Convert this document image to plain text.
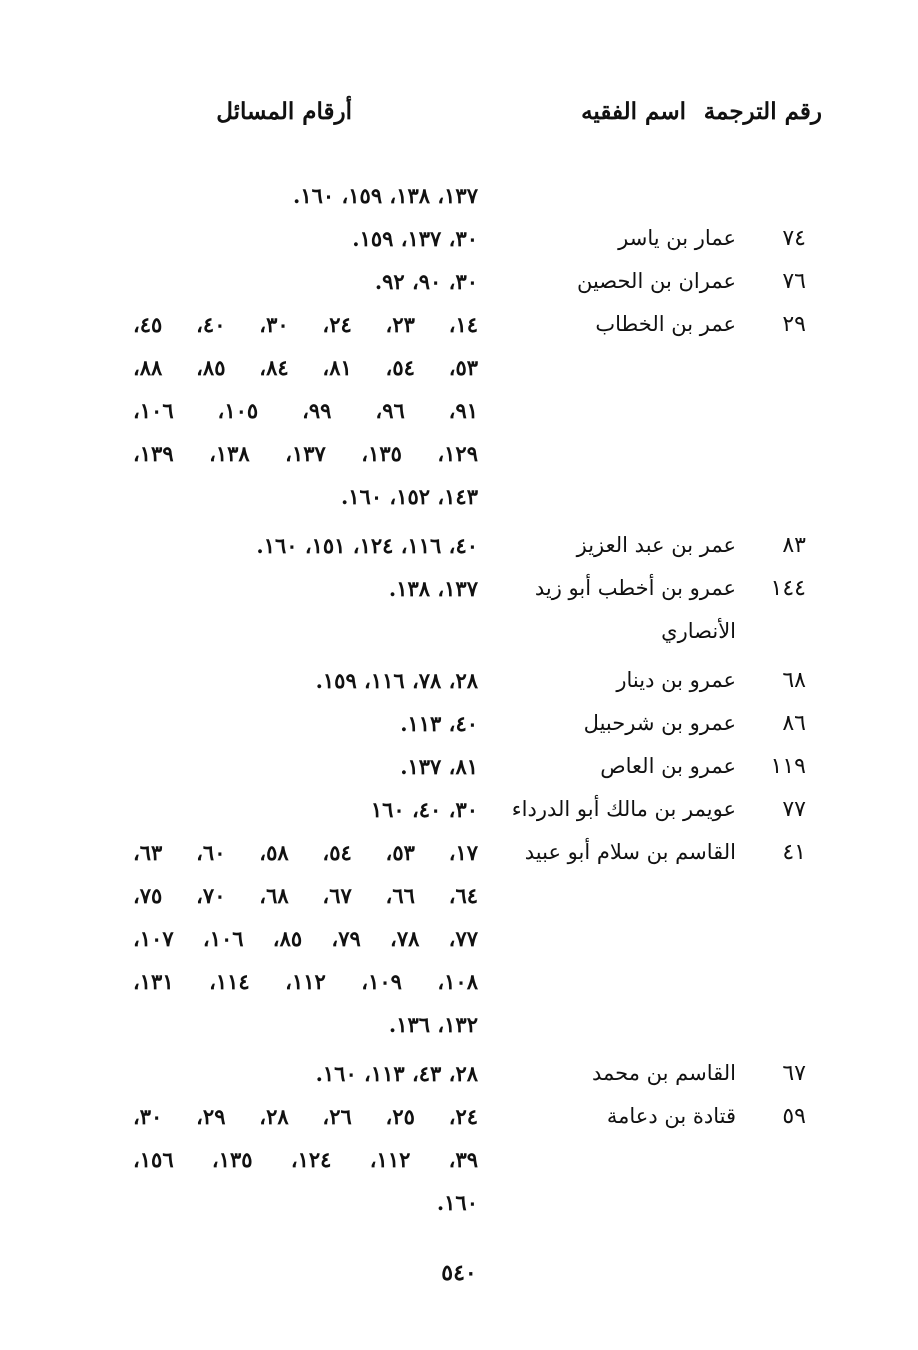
رقم الترجمة
اسم الفقيه
أرقام المسائل
١٣٧، ١٣٨، ١٥٩، ١٦٠.
٧٤
عمار بن ياسر
٣٠، ١٣٧، ١٥٩.
٧٦
عمران بن الحصين
٣٠، ٩٠، ٩٢.
٢٩
عمر بن الخطاب
١٤، ٢٣، ٢٤، ٣٠، ٤٠، ٤٥،
٥٣، ٥٤، ٨١، ٨٤، ٨٥، ٨٨،
٩١، ٩٦، ٩٩، ١٠٥، ١٠٦،
١٢٩، ١٣٥، ١٣٧، ١٣٨، ١٣٩،
١٤٣، ١٥٢، ١٦٠.
٨٣
عمر بن عبد العزيز
٤٠، ١١٦، ١٢٤، ١٥١، ١٦٠.
١٤٤
عمرو بن أخطب أبو زيد
الأنصاري
١٣٧، ١٣٨.
٦٨
عمرو بن دينار
٢٨، ٧٨، ١١٦، ١٥٩.
٨٦
عمرو بن شرحبيل
٤٠، ١١٣.
١١٩
عمرو بن العاص
٨١، ١٣٧.
٧٧
عويمر بن مالك أبو الدرداء
٣٠، ٤٠، ١٦٠
٤١
القاسم بن سلام أبو عبيد
١٧، ٥٣، ٥٤، ٥٨، ٦٠، ٦٣،
٦٤، ٦٦، ٦٧، ٦٨، ٧٠، ٧٥،
٧٧، ٧٨، ٧٩، ٨٥، ١٠٦، ١٠٧،
١٠٨، ١٠٩، ١١٢، ١١٤، ١٣١،
١٣٢، ١٣٦.
٦٧
القاسم بن محمد
٢٨، ٤٣، ١١٣، ١٦٠.
٥٩
قتادة بن دعامة
٢٤، ٢٥، ٢٦، ٢٨، ٢٩، ٣٠،
٣٩، ١١٢، ١٢٤، ١٣٥، ١٥٦،
١٦٠.
٥٤٠
